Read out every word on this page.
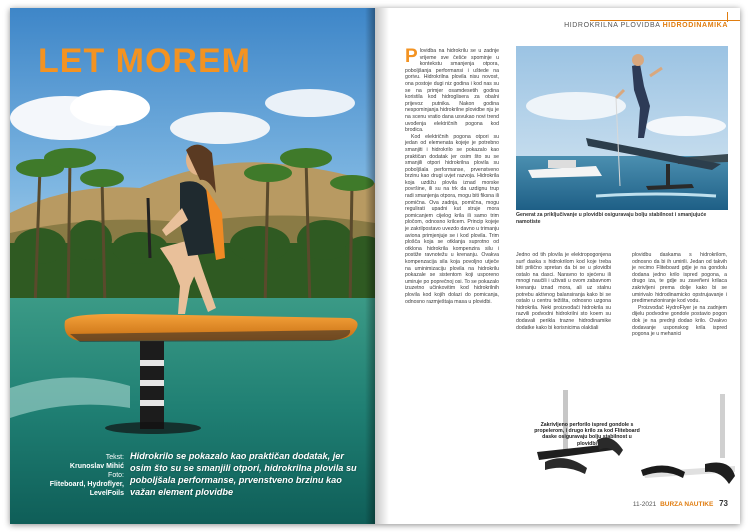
LET MOREM
Tekst:
Krunoslav Mihić
Foto:
Fliteboard, Hydroflyer, LevelFoils
Hidrokrilo se pokazalo kao praktičan dodatak, jer osim što su se smanjili otpori, hidrokrilna plovila su poboljšala performanse, prvenstveno brzinu kao važan element plovidbe
HIDROKRILNA PLOVIDBA HIDRODINAMIKA

Plovidba na hidrokrilu se u zadnje vrijeme sve češće spominje u kontekstu smanjenja otpora, poboljšanja performansi i uštede na gorivu. Hidrokrilna plovila nisu novost, ona postoje dugi niz godina i kod nas su se na primjer osamdesetih godina koristila kod hidrogliserа za obalni prijevoz putnika. Nakon godina nespominjanja hidrokrilne plovidbe nju je na scenu vratio dana usvukao novi trend uvođenja električnih pogona kod brodica.

Kod električnih pogona otpori su jedan od elemenata kojeje je potrebno smanjiti i hidrokrilo se pokazalo kao praktičan dodatak jer osim što su se smanjili otpori hidrokrilna plovila su poboljšala performanse, prvenstveno brzinu kao drugi uvjet razvoja. Hidrokrila koja uzdižu plovila iznad morske površine, ili su na trk da uzdignu trup radi smanjenja otpora, mogu biti fiksna ili pomična. Ova zadnja, pomična, mogu regulirati upadni kut struje mora pomicanjem cijelog krila ili samo trim pločom, odnosno krilcem. Princip kojeje je zakrilpostavo uvezdo davno u trimanju aviona primjenjuje se i kod plovila. Trim plošča koja se otklanja suprotno od otklona hidrokrila kompenzira silu i postiže ravnotežu u krenanju. Ovakva kompenzacija sila koja povoljno utječe na uminimizaciju plovila na hidrokrilu pokazale se sistentom koji usporeno umiruje po poprečnoj osi. To se pokazalo izuzetno učinkovitim kod hidrokrilnih plovila kod kojih dolazi do pomicanja, odnosno razmještaja masa u plovidbi.

Generat za priključivanje u plovidbi osiguravaju bolju stabilnost i smanjujuće namotiste

Jedno od tih plovila je elektropogonjena surf daska s hidrokrilom kod koje treba biti prilično spretan da bi se u plovidbi ostalo na dasci. Naravno to sjećenu ili mnogi naučili i uživati u ovom zabavnom krenanju iznad mora, ali uz stalnu potrebu aktivnog balansiranja kako bi se ostalo u centru težišta, odnosno uzgona hidrokrila. Neki proizvođači hidrokrila su razvili podvodni hidrokrilni sto koem su dodavali perikla traznе hidrodinamike dodatke kako bi korisnicima olakšali

plovidbu daskama s hidrokrilom, odnosno da bi ih umirili. Jedan od takvih je recimo Fliteboard gdje je na gondolu dodana jedno krilo ispred pogona, a drugo iza, te gdje su zaveñeni krilaca zakrivljeni prema dolje kako bi se umirivalo hidrodinamiсko opstrujavanje i predimenzioniranje kod vodu.

Proizvođač HydroFlyer je na zadnjem dijelu podvodne gondole postavio pogon dok je na prednji dodao krilo. Ovakvo dodavanje usponskog krila ispred pogona je u mehanici

Zakrivljeno perforilo ispred gondole s propelerom, i drugo krilo za kod Fliteboard daske osiguravaju bolju stabilnost u plovidbi
11-2021 BURZA NAUTIKE 73
